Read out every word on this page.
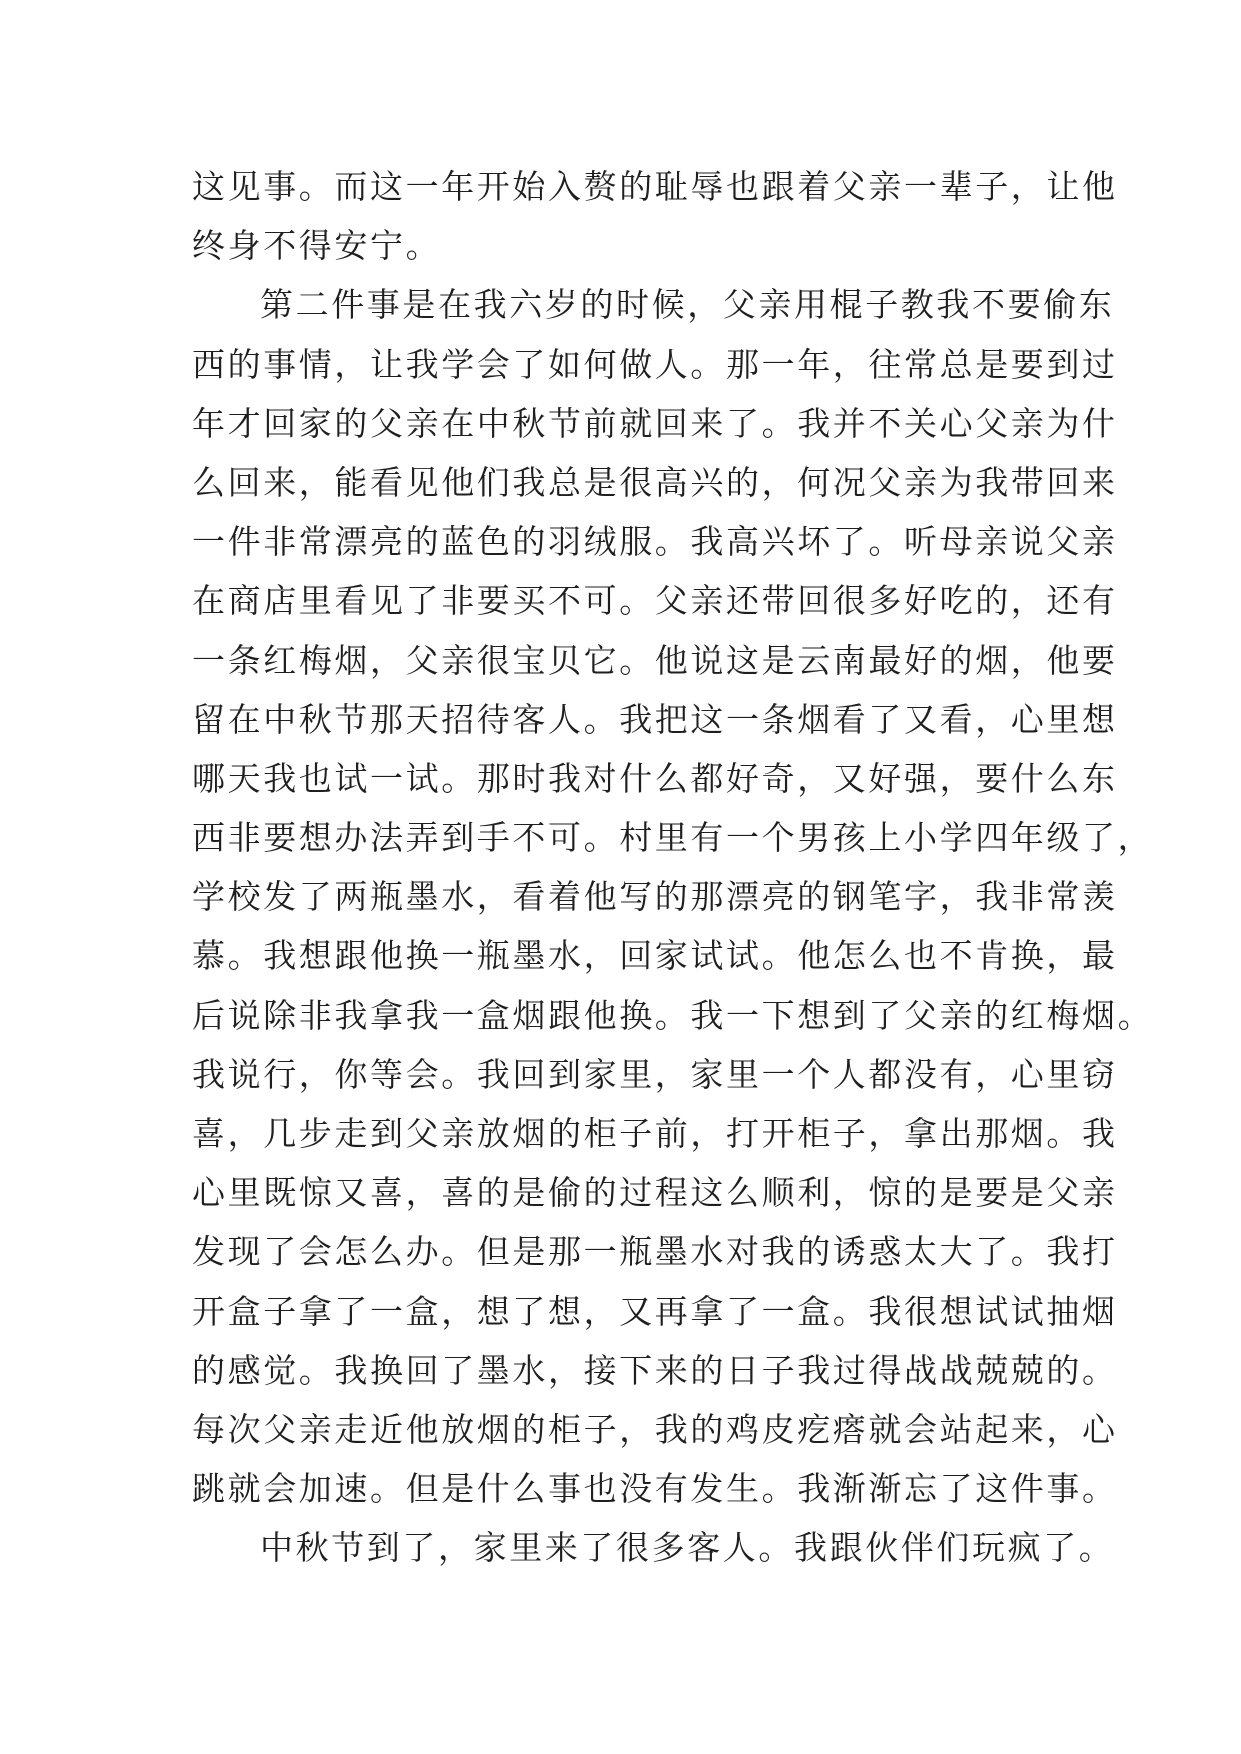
这见事。而这一年开始入赘的耻辱也跟着父亲一辈子，让他
终身不得安宁。
第二件事是在我六岁的时候，父亲用棍子教我不要偷东
西的事情，让我学会了如何做人。那一年，往常总是要到过
年才回家的父亲在中秋节前就回来了。我并不关心父亲为什
么回来，能看见他们我总是很高兴的，何况父亲为我带回来
一件非常漂亮的蓝色的羽绒服。我高兴坏了。听母亲说父亲
在商店里看见了非要买不可。父亲还带回很多好吃的，还有
一条红梅烟，父亲很宝贝它。他说这是云南最好的烟，他要
留在中秋节那天招待客人。我把这一条烟看了又看，心里想
哪天我也试一试。那时我对什么都好奇，又好强，要什么东
西非要想办法弄到手不可。村里有一个男孩上小学四年级了，
学校发了两瓶墨水，看着他写的那漂亮的钢笔字，我非常羡
慕。我想跟他换一瓶墨水，回家试试。他怎么也不肯换，最
后说除非我拿我一盒烟跟他换。我一下想到了父亲的红梅烟。
我说行，你等会。我回到家里，家里一个人都没有，心里窃
喜，几步走到父亲放烟的柜子前，打开柜子，拿出那烟。我
心里既惊又喜，喜的是偷的过程这么顺利，惊的是要是父亲
发现了会怎么办。但是那一瓶墨水对我的诱惑太大了。我打
开盒子拿了一盒，想了想，又再拿了一盒。我很想试试抽烟
的感觉。我换回了墨水，接下来的日子我过得战战兢兢的。
每次父亲走近他放烟的柜子，我的鸡皮疙瘩就会站起来，心
跳就会加速。但是什么事也没有发生。我渐渐忘了这件事。
中秋节到了，家里来了很多客人。我跟伙伴们玩疯了。
